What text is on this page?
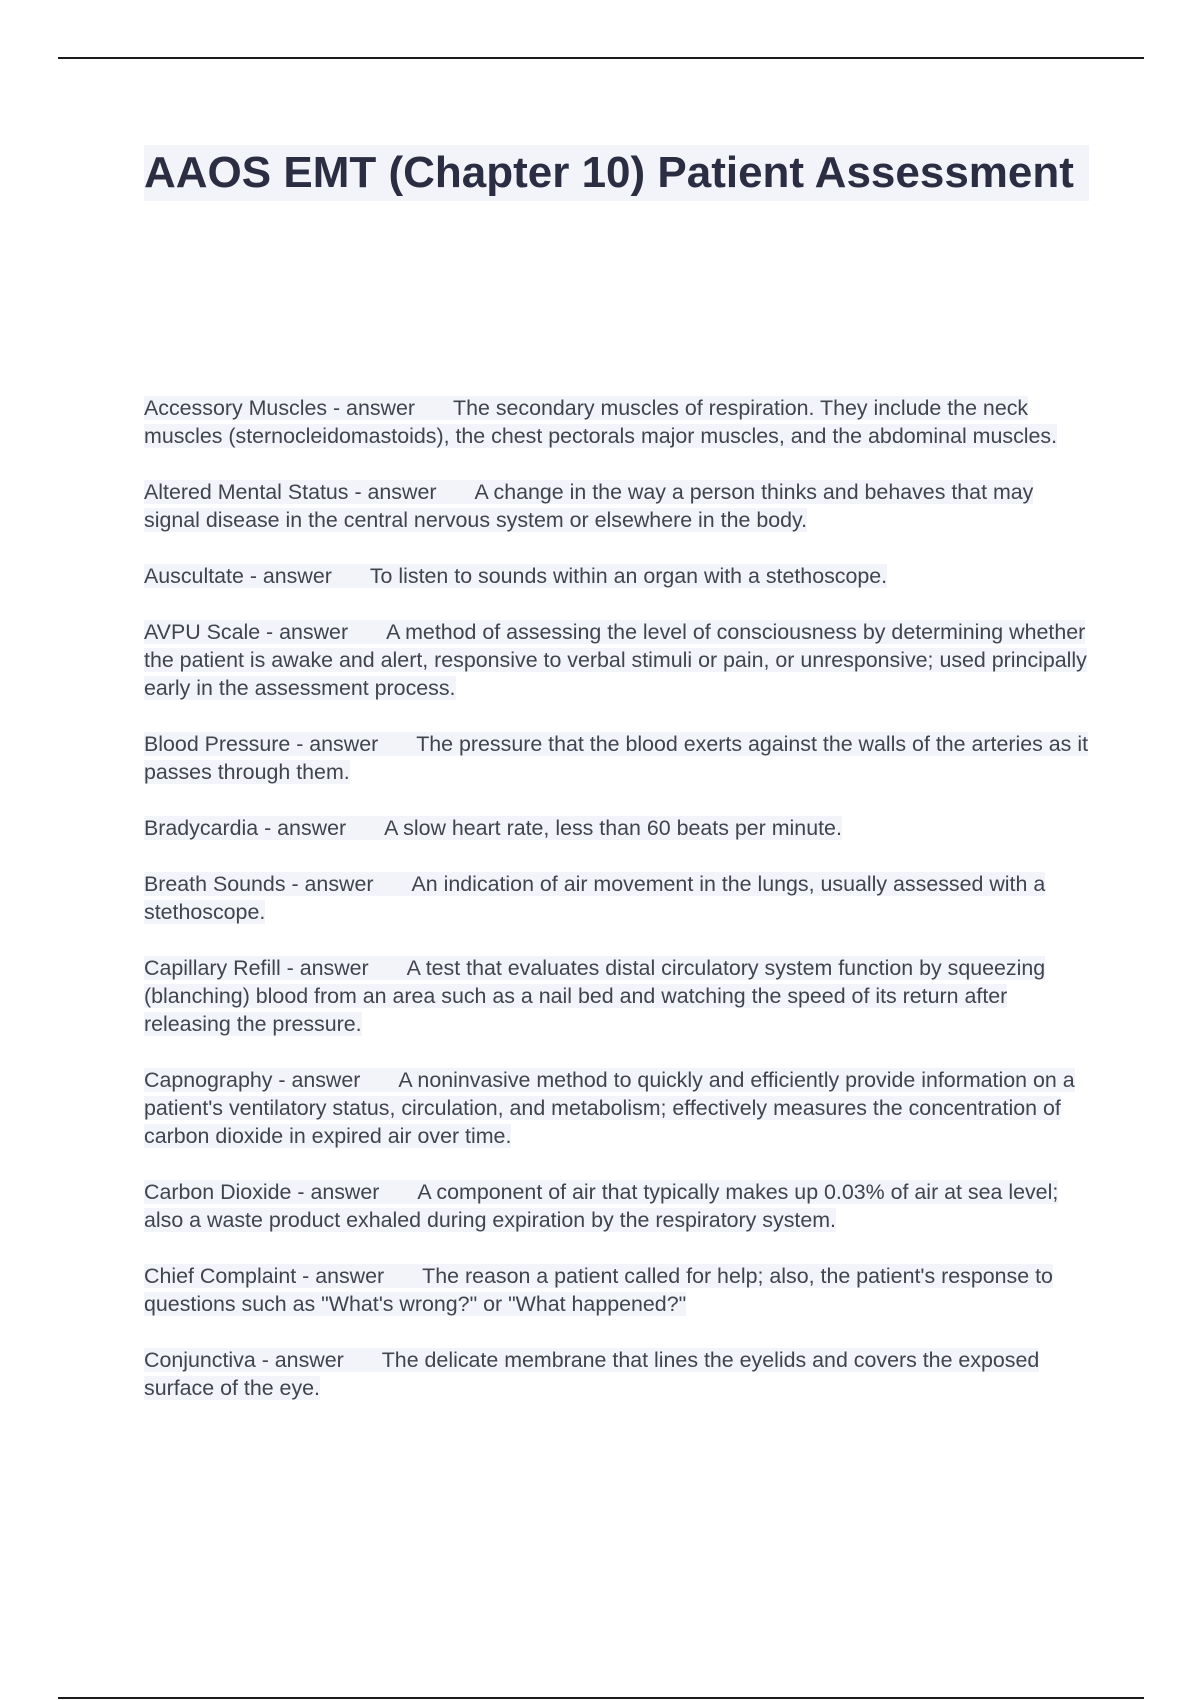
AAOS EMT (Chapter 10) Patient Assessment

Accessory Muscles - answer The secondary muscles of respiration. They include the neck muscles (sternocleidomastoids), the chest pectorals major muscles, and the abdominal muscles.

Altered Mental Status - answer A change in the way a person thinks and behaves that may signal disease in the central nervous system or elsewhere in the body.

Auscultate - answer To listen to sounds within an organ with a stethoscope.

AVPU Scale - answer A method of assessing the level of consciousness by determining whether the patient is awake and alert, responsive to verbal stimuli or pain, or unresponsive; used principally early in the assessment process.

Blood Pressure - answer The pressure that the blood exerts against the walls of the arteries as it passes through them.

Bradycardia - answer A slow heart rate, less than 60 beats per minute.

Breath Sounds - answer An indication of air movement in the lungs, usually assessed with a stethoscope.

Capillary Refill - answer A test that evaluates distal circulatory system function by squeezing (blanching) blood from an area such as a nail bed and watching the speed of its return after releasing the pressure.

Capnography - answer A noninvasive method to quickly and efficiently provide information on a patient's ventilatory status, circulation, and metabolism; effectively measures the concentration of carbon dioxide in expired air over time.

Carbon Dioxide - answer A component of air that typically makes up 0.03% of air at sea level; also a waste product exhaled during expiration by the respiratory system.

Chief Complaint - answer The reason a patient called for help; also, the patient's response to questions such as "What's wrong?" or "What happened?"

Conjunctiva - answer The delicate membrane that lines the eyelids and covers the exposed surface of the eye.
